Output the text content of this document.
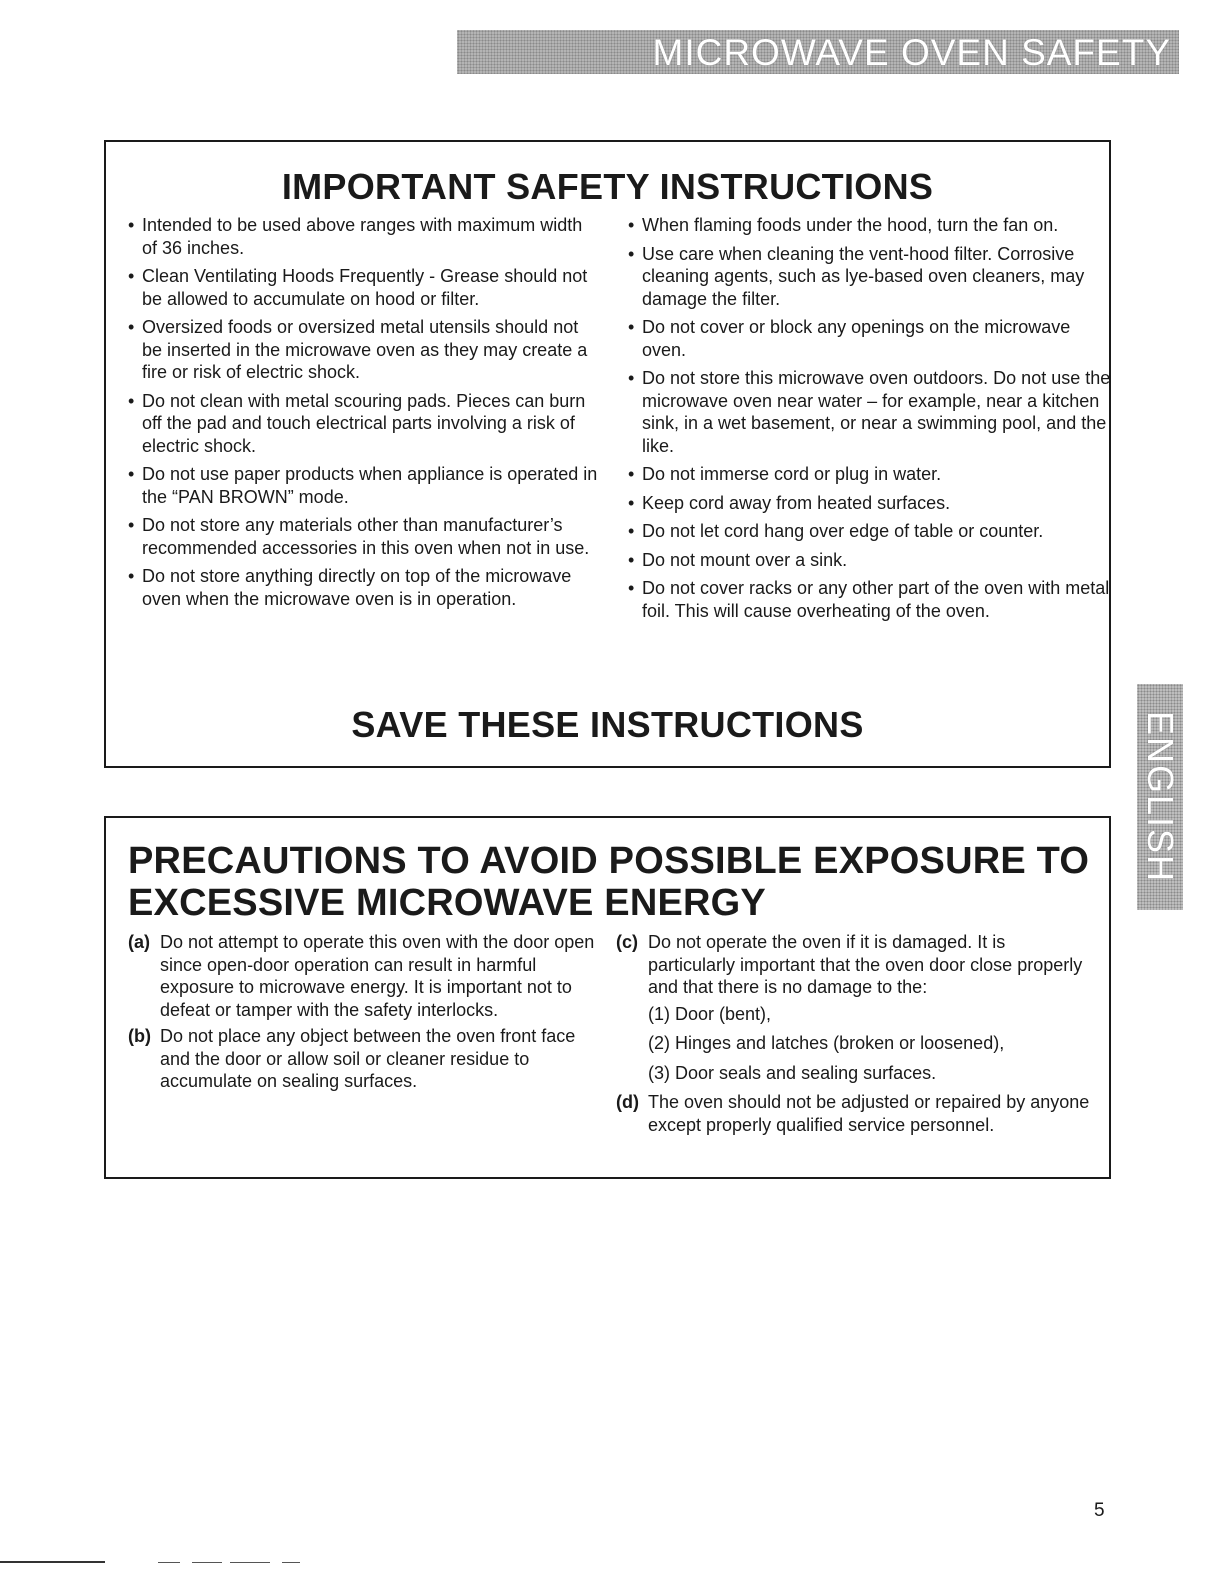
MICROWAVE OVEN SAFETY
IMPORTANT SAFETY INSTRUCTIONS
• Intended to be used above ranges with maximum width of 36 inches.
• Clean Ventilating Hoods Frequently - Grease should not be allowed to accumulate on hood or filter.
• Oversized foods or oversized metal utensils should not be inserted in the microwave oven as they may create a fire or risk of electric shock.
• Do not clean with metal scouring pads. Pieces can burn off the pad and touch electrical parts involving a risk of electric shock.
• Do not use paper products when appliance is operated in the “PAN BROWN” mode.
• Do not store any materials other than manufacturer’s recommended accessories in this oven when not in use.
• Do not store anything directly on top of the microwave oven when the microwave oven is in operation.
• When flaming foods under the hood, turn the fan on.
• Use care when cleaning the vent-hood filter. Corrosive cleaning agents, such as lye-based oven cleaners, may damage the filter.
• Do not cover or block any openings on the microwave oven.
• Do not store this microwave oven outdoors. Do not use the microwave oven near water – for example, near a kitchen sink, in a wet basement, or near a swimming pool, and the like.
• Do not immerse cord or plug in water.
• Keep cord away from heated surfaces.
• Do not let cord hang over edge of table or counter.
• Do not mount over a sink.
• Do not cover racks or any other part of the oven with metal foil. This will cause overheating of the oven.
SAVE THESE INSTRUCTIONS
PRECAUTIONS TO AVOID POSSIBLE EXPOSURE TO EXCESSIVE MICROWAVE ENERGY
(a) Do not attempt to operate this oven with the door open since open-door operation can result in harmful exposure to microwave energy. It is important not to defeat or tamper with the safety interlocks.
(b) Do not place any object between the oven front face and the door or allow soil or cleaner residue to accumulate on sealing surfaces.
(c) Do not operate the oven if it is damaged. It is particularly important that the oven door close properly and that there is no damage to the:
(1) Door (bent),
(2) Hinges and latches (broken or loosened),
(3) Door seals and sealing surfaces.
(d) The oven should not be adjusted or repaired by anyone except properly qualified service personnel.
ENGLISH
5
